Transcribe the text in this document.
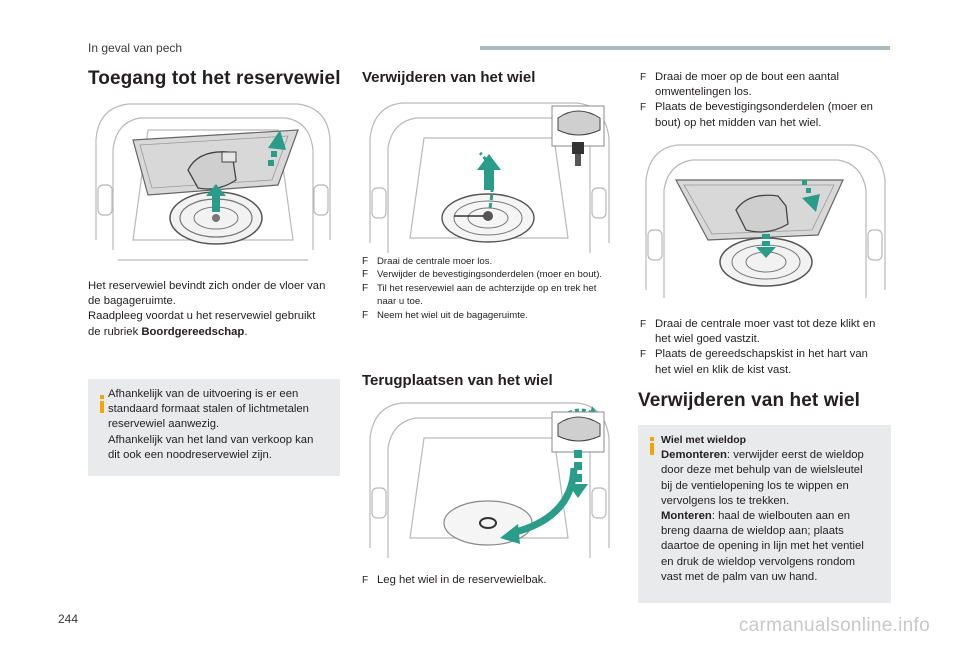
In geval van pech
Toegang tot het reservewiel
Het reservewiel bevindt zich onder de vloer van
de bagageruimte.
Raadpleeg voordat u het reservewiel gebruikt
de rubriek Boordgereedschap.
Afhankelijk van de uitvoering is er een
standaard formaat stalen of lichtmetalen
reservewiel aanwezig.
Afhankelijk van het land van verkoop kan
dit ook een noodreservewiel zijn.
Verwijderen van het wiel
F Draai de centrale moer los.
F Verwijder de bevestigingsonderdelen (moer en bout).
F Til het reservewiel aan de achterzijde op en trek het
naar u toe.
F Neem het wiel uit de bagageruimte.
Terugplaatsen van het wiel
F Leg het wiel in de reservewielbak.
F Draai de moer op de bout een aantal
omwentelingen los.
F Plaats de bevestigingsonderdelen (moer en
bout) op het midden van het wiel.
F Draai de centrale moer vast tot deze klikt en
het wiel goed vastzit.
F Plaats de gereedschapskist in het hart van
het wiel en klik de kist vast.
Verwijderen van het wiel
Wiel met wieldop
Demonteren: verwijder eerst de wieldop
door deze met behulp van de wielsleutel
bij de ventielopening los te wippen en
vervolgens los te trekken.
Monteren: haal de wielbouten aan en
breng daarna de wieldop aan; plaats
daartoe de opening in lijn met het ventiel
en druk de wieldop vervolgens rondom
vast met de palm van uw hand.
244	carmanualsonline.info
